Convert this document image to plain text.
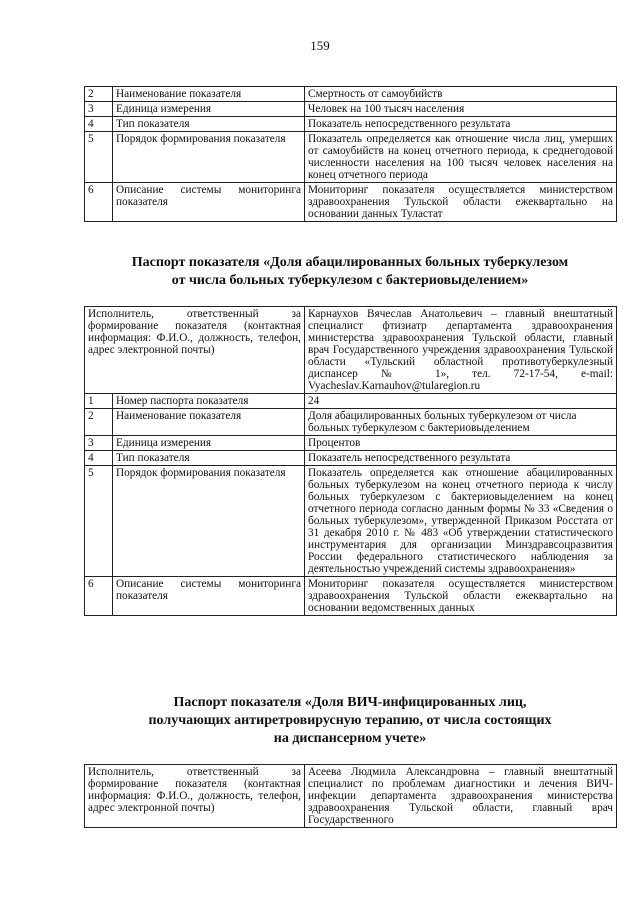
159
2	Наименование показателя	Смертность от самоубийств
3	Единица измерения	Человек на 100 тысяч населения
4	Тип показателя	Показатель непосредственного результата
5	Порядок формирования показателя	Показатель определяется как отношение числа лиц, умерших от самоубийств на конец отчетного периода, к среднегодовой численности населения на 100 тысяч человек населения на конец отчетного периода
6	Описание системы мониторинга показателя	Мониторинг показателя осуществляется министерством здравоохранения Тульской области ежеквартально на основании данных Туластат
Паспорт показателя «Доля абацилированных больных туберкулезом
от числа больных туберкулезом с бактериовыделением»
Исполнитель, ответственный за формирование показателя (контактная информация: Ф.И.О., должность, телефон, адрес электронной почты)		Карнаухов Вячеслав Анатольевич – главный внештатный специалист фтизиатр департамента здравоохранения министерства здравоохранения Тульской области, главный врач Государственного учреждения здравоохранения Тульской области «Тульский областной противотуберкулезный диспансер № 1», тел. 72-17-54, e-mail: Vyacheslav.Karnauhov@tularegion.ru
1	Номер паспорта показателя	24
2	Наименование показателя	Доля абацилированных больных туберкулезом от числа больных туберкулезом с бактериовыделением
3	Единица измерения	Процентов
4	Тип показателя	Показатель непосредственного результата
5	Порядок формирования показателя	Показатель определяется как отношение абацилированных больных туберкулезом на конец отчетного периода к числу больных туберкулезом с бактериовыделением на конец отчетного периода согласно данным формы № 33 «Сведения о больных туберкулезом», утвержденной Приказом Росстата от 31 декабря 2010 г. № 483 «Об утверждении статистического инструментария для организации Минздравсоцразвития России федерального статистического наблюдения за деятельностью учреждений системы здравоохранения»
6	Описание системы мониторинга показателя	Мониторинг показателя осуществляется министерством здравоохранения Тульской области ежеквартально на основании ведомственных данных
Паспорт показателя «Доля ВИЧ-инфицированных лиц,
получающих антиретровирусную терапию, от числа состоящих
на диспансерном учете»
Исполнитель, ответственный за формирование показателя (контактная информация: Ф.И.О., должность, телефон, адрес электронной почты)	Асеева Людмила Александровна – главный внештатный специалист по проблемам диагностики и лечения ВИЧ-инфекции департамента здравоохранения министерства здравоохранения Тульской области, главный врач Государственного
